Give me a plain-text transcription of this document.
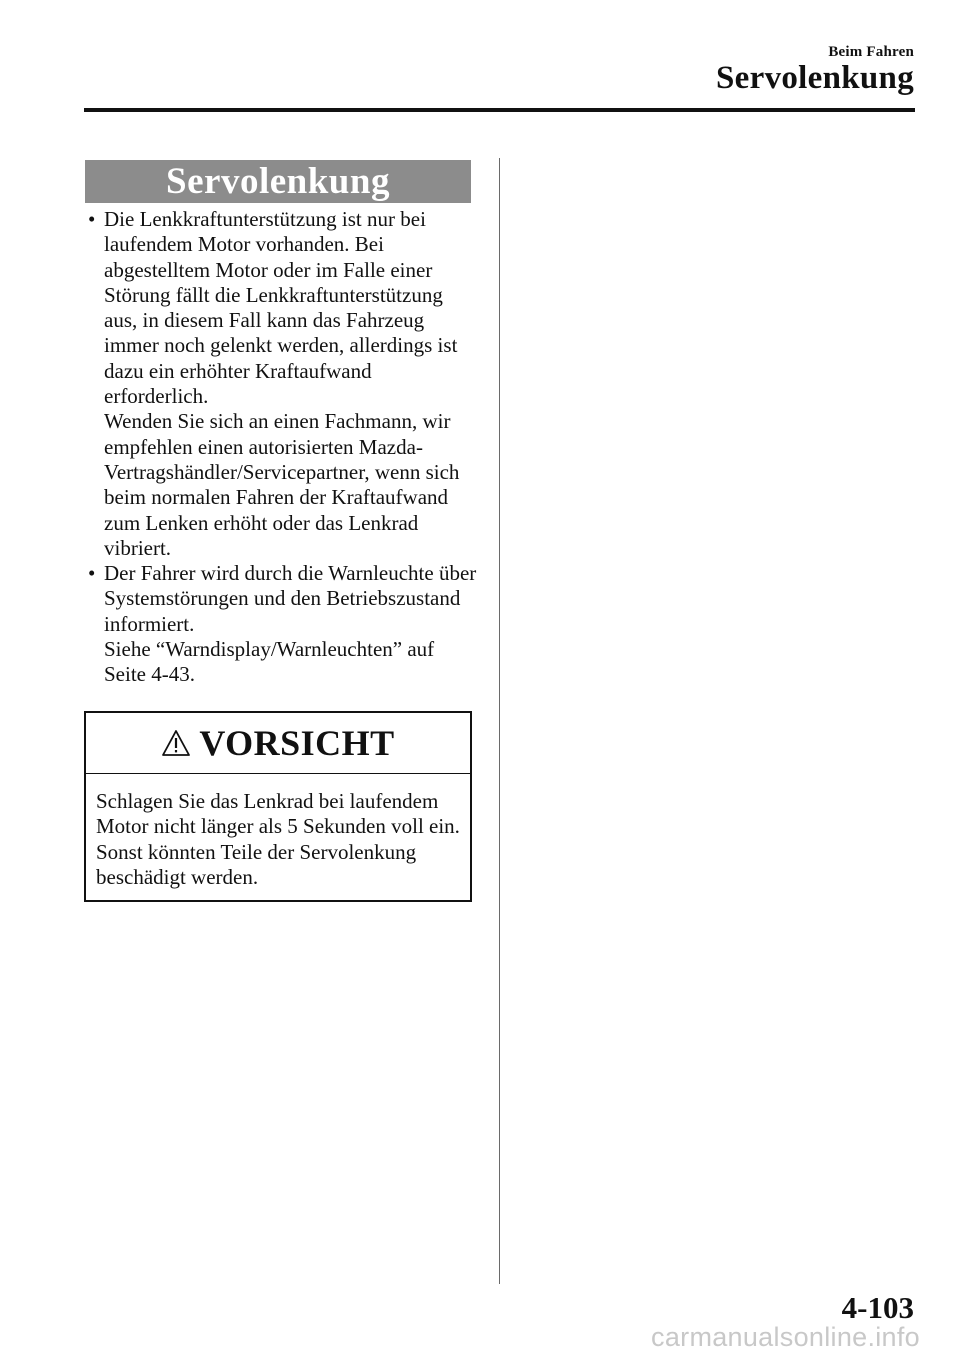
Beim Fahren
Servolenkung
Servolenkung
• Die Lenkkraftunterstützung ist nur bei laufendem Motor vorhanden. Bei abgestelltem Motor oder im Falle einer Störung fällt die Lenkkraftunterstützung aus, in diesem Fall kann das Fahrzeug immer noch gelenkt werden, allerdings ist dazu ein erhöhter Kraftaufwand erforderlich.
Wenden Sie sich an einen Fachmann, wir empfehlen einen autorisierten Mazda-Vertragshändler/Servicepartner, wenn sich beim normalen Fahren der Kraftaufwand zum Lenken erhöht oder das Lenkrad vibriert.
• Der Fahrer wird durch die Warnleuchte über Systemstörungen und den Betriebszustand informiert.
Siehe “Warndisplay/Warnleuchten” auf Seite 4-43.
VORSICHT
Schlagen Sie das Lenkrad bei laufendem Motor nicht länger als 5 Sekunden voll ein. Sonst könnten Teile der Servolenkung beschädigt werden.
4-103
carmanualsonline.info
